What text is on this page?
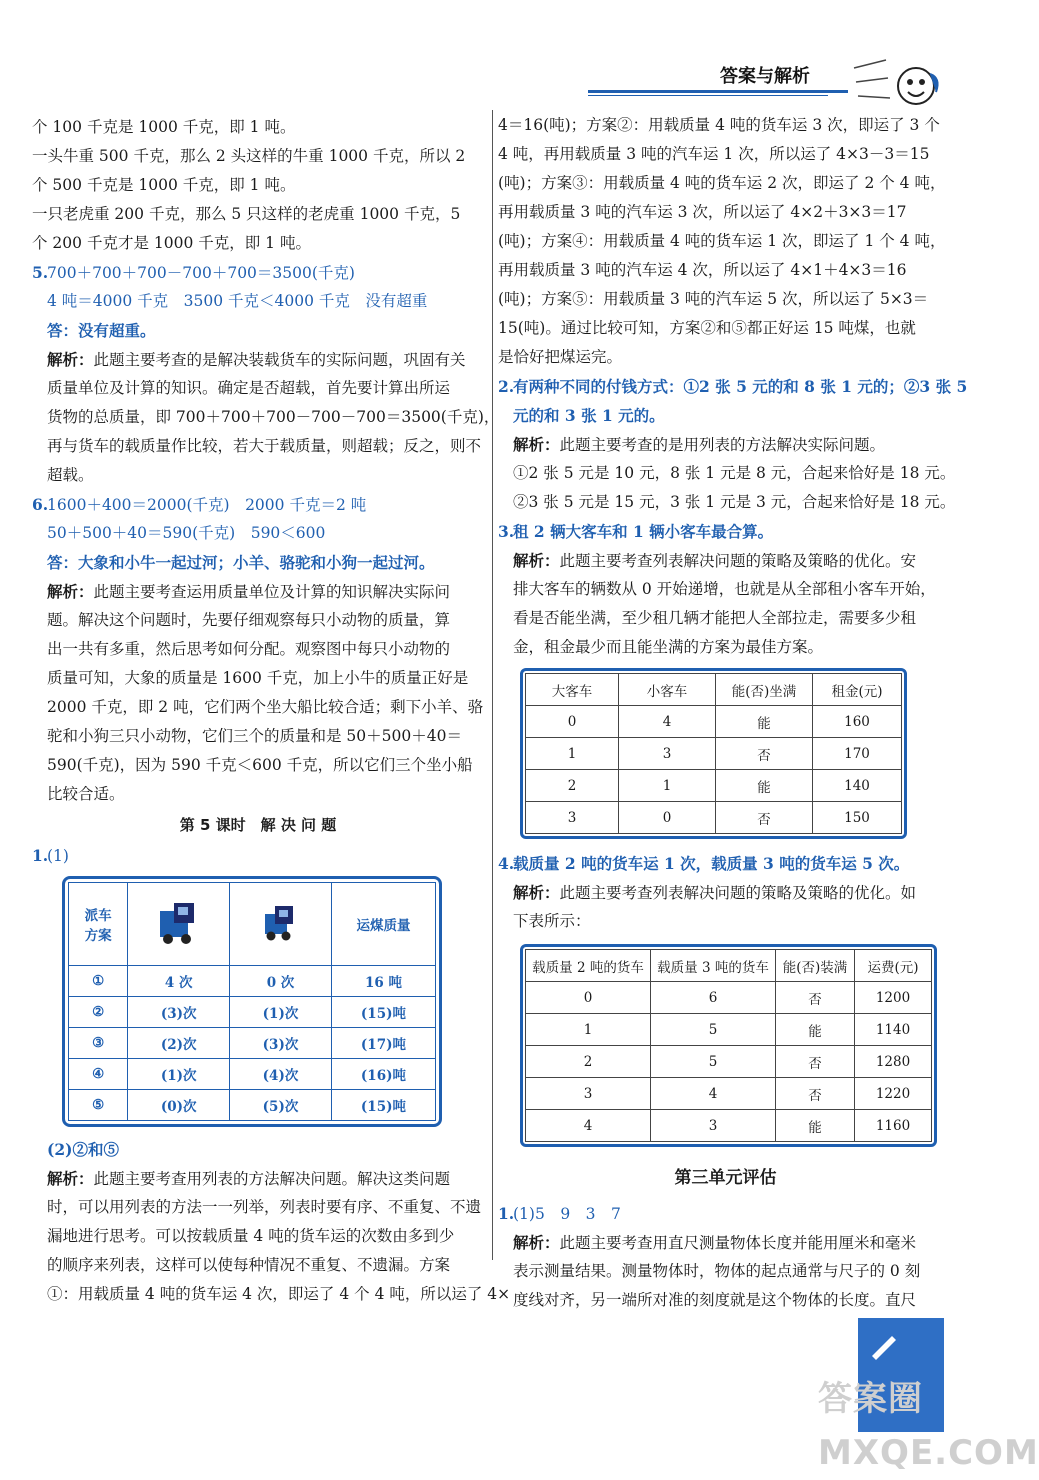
答案与解析
个 100 千克是 1000 千克，即 1 吨。
一头牛重 500 千克，那么 2 头这样的牛重 1000 千克，所以 2
个 500 千克是 1000 千克，即 1 吨。
一只老虎重 200 千克，那么 5 只这样的老虎重 1000 千克，5
个 200 千克才是 1000 千克，即 1 吨。
5.700＋700＋700－700＋700＝3500(千克)
4 吨＝4000 千克　3500 千克＜4000 千克　没有超重
答：没有超重。
解析：此题主要考查的是解决装载货车的实际问题，巩固有关
质量单位及计算的知识。确定是否超载，首先要计算出所运
货物的总质量，即 700＋700＋700－700－700＝3500(千克)，
再与货车的载质量作比较，若大于载质量，则超载；反之，则不
超载。
6.1600＋400＝2000(千克)　2000 千克＝2 吨
50＋500＋40＝590(千克)　590＜600
答：大象和小牛一起过河；小羊、骆驼和小狗一起过河。
解析：此题主要考查运用质量单位及计算的知识解决实际问
题。解决这个问题时，先要仔细观察每只小动物的质量，算
出一共有多重，然后思考如何分配。观察图中每只小动物的
质量可知，大象的质量是 1600 千克，加上小牛的质量正好是
2000 千克，即 2 吨，它们两个坐大船比较合适；剩下小羊、骆
驼和小狗三只小动物，它们三个的质量和是 50＋500＋40＝
590(千克)，因为 590 千克＜600 千克，所以它们三个坐小船
比较合适。
第 5 课时　解 决 问 题
1.(1)
派车
方案			运煤质量
①	4 次	0 次	16 吨
②	(3)次	(1)次	(15)吨
③	(2)次	(3)次	(17)吨
④	(1)次	(4)次	(16)吨
⑤	(0)次	(5)次	(15)吨
(2)②和⑤
解析：此题主要考查用列表的方法解决问题。解决这类问题
时，可以用列表的方法一一列举，列表时要有序、不重复、不遗
漏地进行思考。可以按载质量 4 吨的货车运的次数由多到少
的顺序来列表，这样可以使每种情况不重复、不遗漏。方案
①：用载质量 4 吨的货车运 4 次，即运了 4 个 4 吨，所以运了 4×
4＝16(吨)；方案②：用载质量 4 吨的货车运 3 次，即运了 3 个
4 吨，再用载质量 3 吨的汽车运 1 次，所以运了 4×3－3＝15
(吨)；方案③：用载质量 4 吨的货车运 2 次，即运了 2 个 4 吨，
再用载质量 3 吨的汽车运 3 次，所以运了 4×2＋3×3＝17
(吨)；方案④：用载质量 4 吨的货车运 1 次，即运了 1 个 4 吨，
再用载质量 3 吨的汽车运 4 次，所以运了 4×1＋4×3＝16
(吨)；方案⑤：用载质量 3 吨的汽车运 5 次，所以运了 5×3＝
15(吨)。通过比较可知，方案②和⑤都正好运 15 吨煤，也就
是恰好把煤运完。
2.有两种不同的付钱方式：①2 张 5 元的和 8 张 1 元的；②3 张 5
元的和 3 张 1 元的。
解析：此题主要考查的是用列表的方法解决实际问题。
①2 张 5 元是 10 元，8 张 1 元是 8 元，合起来恰好是 18 元。
②3 张 5 元是 15 元，3 张 1 元是 3 元，合起来恰好是 18 元。
3.租 2 辆大客车和 1 辆小客车最合算。
解析：此题主要考查列表解决问题的策略及策略的优化。安
排大客车的辆数从 0 开始递增，也就是从全部租小客车开始，
看是否能坐满，至少租几辆才能把人全部拉走，需要多少租
金，租金最少而且能坐满的方案为最佳方案。
大客车	小客车	能(否)坐满	租金(元)
0	4	能	160
1	3	否	170
2	1	能	140
3	0	否	150
4.载质量 2 吨的货车运 1 次，载质量 3 吨的货车运 5 次。
解析：此题主要考查列表解决问题的策略及策略的优化。如
下表所示：
载质量 2 吨的货车	载质量 3 吨的货车	能(否)装满	运费(元)
0	6	否	1200
1	5	能	1140
2	5	否	1280
3	4	否	1220
4	3	能	1160
第三单元评估
1.(1)5　9　3　7
解析：此题主要考查用直尺测量物体长度并能用厘米和毫米
表示测量结果。测量物体时，物体的起点通常与尺子的 0 刻
度线对齐，另一端所对准的刻度就是这个物体的长度。直尺
答案圈 MXQE.COM
